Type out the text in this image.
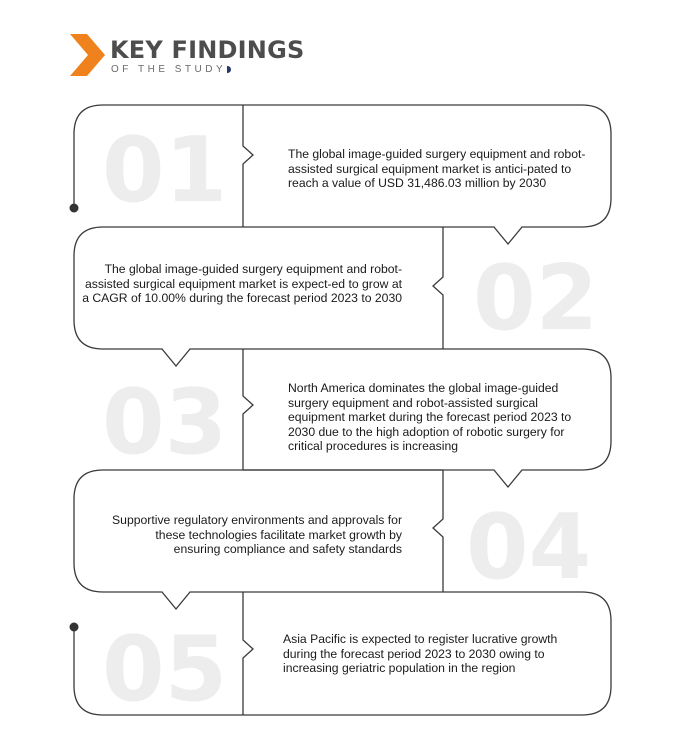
KEY FINDINGS
OF THE STUDY
01
02
03
04
05
The global image-guided surgery equipment and robot-assisted surgical equipment market is antici-pated to reach a value of USD 31,486.03 million by 2030
The global image-guided surgery equipment and robot-assisted surgical equipment market is expect-ed to grow at a CAGR of 10.00% during the forecast period 2023 to 2030
North America dominates the global image-guided surgery equipment and robot-assisted surgical equipment market during the forecast period 2023 to 2030 due to the high adoption of robotic surgery for critical procedures is increasing
Supportive regulatory environments and approvals for these technologies facilitate market growth by ensuring compliance and safety standards
Asia Pacific is expected to register lucrative growth during the forecast period 2023 to 2030 owing to increasing geriatric population in the region
